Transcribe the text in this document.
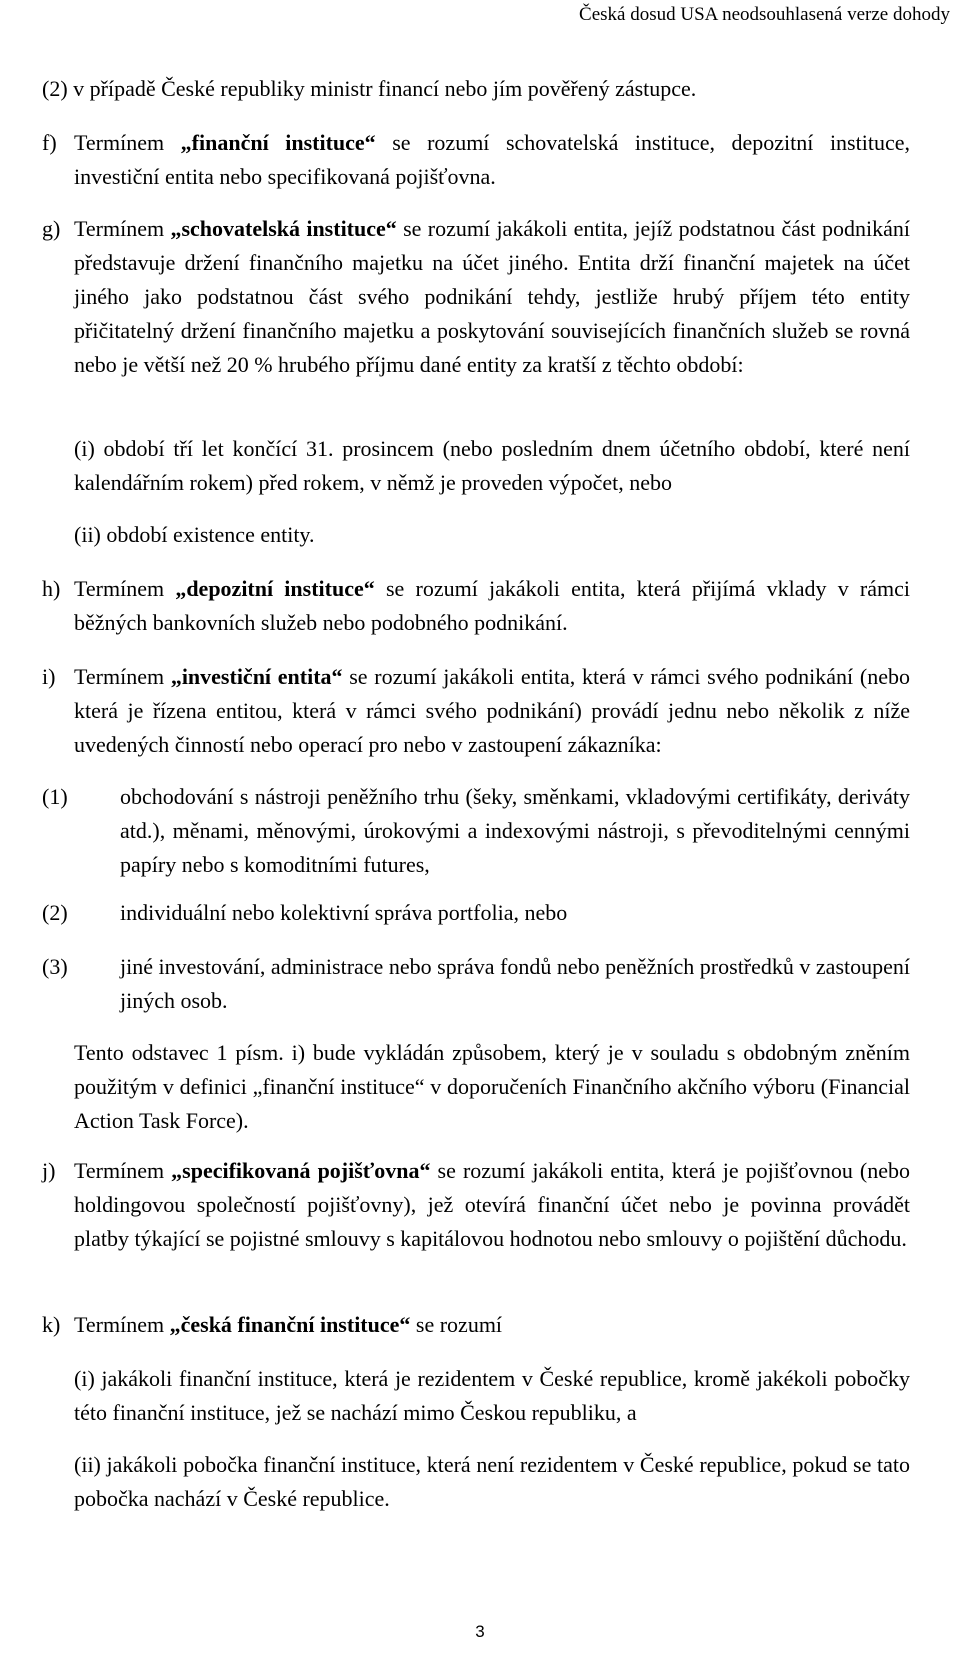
Česká dosud USA neodsouhlasená verze dohody

(2) v případě České republiky ministr financí nebo jím pověřený zástupce.

f) Termínem „finanční instituce“ se rozumí schovatelská instituce, depozitní instituce, investiční entita nebo specifikovaná pojišťovna.

g) Termínem „schovatelská instituce“ se rozumí jakákoli entita, jejíž podstatnou část podnikání představuje držení finančního majetku na účet jiného. Entita drží finanční majetek na účet jiného jako podstatnou část svého podnikání tehdy, jestliže hrubý příjem této entity přičitatelný držení finančního majetku a poskytování souvisejících finančních služeb se rovná nebo je větší než 20 % hrubého příjmu dané entity za kratší z těchto období:

(i) období tří let končící 31. prosincem (nebo posledním dnem účetního období, které není kalendářním rokem) před rokem, v němž je proveden výpočet, nebo

(ii) období existence entity.

h) Termínem „depozitní instituce“ se rozumí jakákoli entita, která přijímá vklady v rámci běžných bankovních služeb nebo podobného podnikání.

i) Termínem „investiční entita“ se rozumí jakákoli entita, která v rámci svého podnikání (nebo která je řízena entitou, která v rámci svého podnikání) provádí jednu nebo několik z níže uvedených činností nebo operací pro nebo v zastoupení zákazníka:

(1) obchodování s nástroji peněžního trhu (šeky, směnkami, vkladovými certifikáty, deriváty atd.), měnami, měnovými, úrokovými a indexovými nástroji, s převoditelnými cennými papíry nebo s komoditními futures,

(2) individuální nebo kolektivní správa portfolia, nebo

(3) jiné investování, administrace nebo správa fondů nebo peněžních prostředků v zastoupení jiných osob.

Tento odstavec 1 písm. i) bude vykládán způsobem, který je v souladu s obdobným zněním použitým v definici „finanční instituce“ v doporučeních Finančního akčního výboru (Financial Action Task Force).

j) Termínem „specifikovaná pojišťovna“ se rozumí jakákoli entita, která je pojišťovnou (nebo holdingovou společností pojišťovny), jež otevírá finanční účet nebo je povinna provádět platby týkající se pojistné smlouvy s kapitálovou hodnotou nebo smlouvy o pojištění důchodu.

k) Termínem „česká finanční instituce“ se rozumí

(i) jakákoli finanční instituce, která je rezidentem v České republice, kromě jakékoli pobočky této finanční instituce, jež se nachází mimo Českou republiku, a

(ii) jakákoli pobočka finanční instituce, která není rezidentem v České republice, pokud se tato pobočka nachází v České republice.

3
